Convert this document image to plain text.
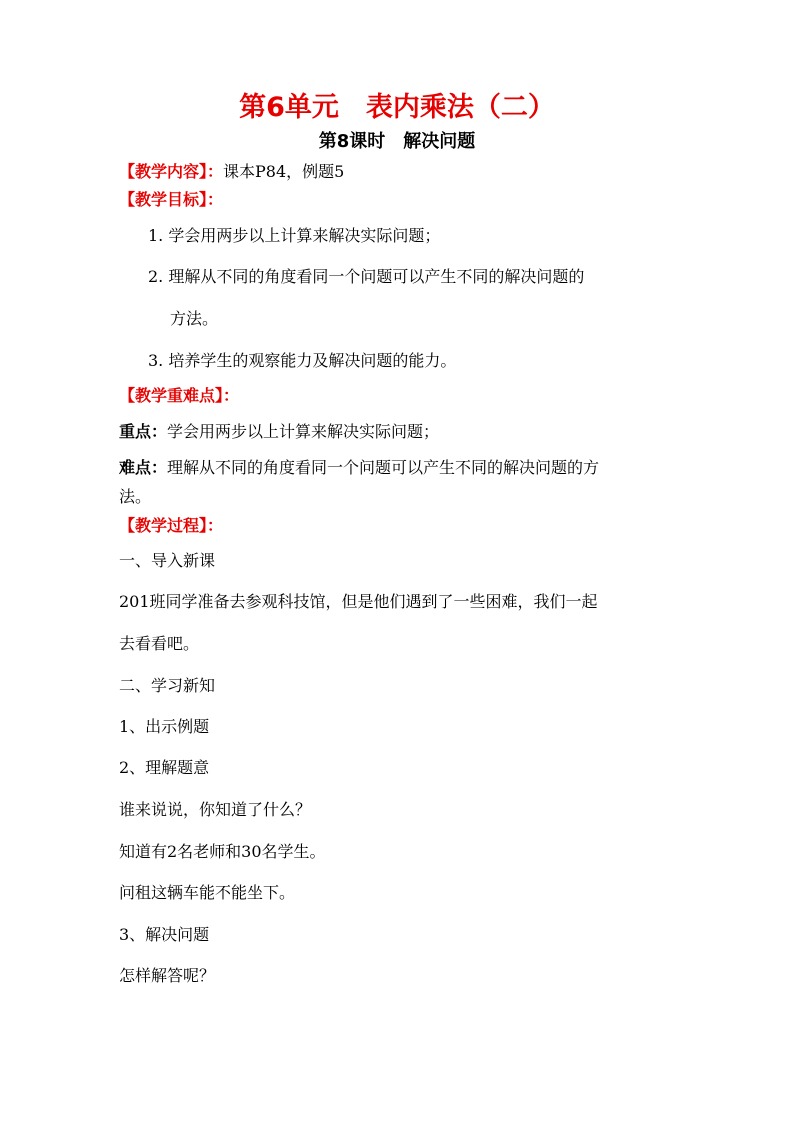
第6单元　表内乘法（二）
第8课时　解决问题
【教学内容】：课本P84，例题5
【教学目标】：
1. 学会用两步以上计算来解决实际问题；
2. 理解从不同的角度看同一个问题可以产生不同的解决问题的
方法。
3. 培养学生的观察能力及解决问题的能力。
【教学重难点】：
重点：学会用两步以上计算来解决实际问题；
难点：理解从不同的角度看同一个问题可以产生不同的解决问题的方
法。
【教学过程】：
一、导入新课
201班同学准备去参观科技馆，但是他们遇到了一些困难，我们一起
去看看吧。
二、学习新知
1、出示例题
2、理解题意
谁来说说，你知道了什么？
知道有2名老师和30名学生。
问租这辆车能不能坐下。
3、解决问题
怎样解答呢？
